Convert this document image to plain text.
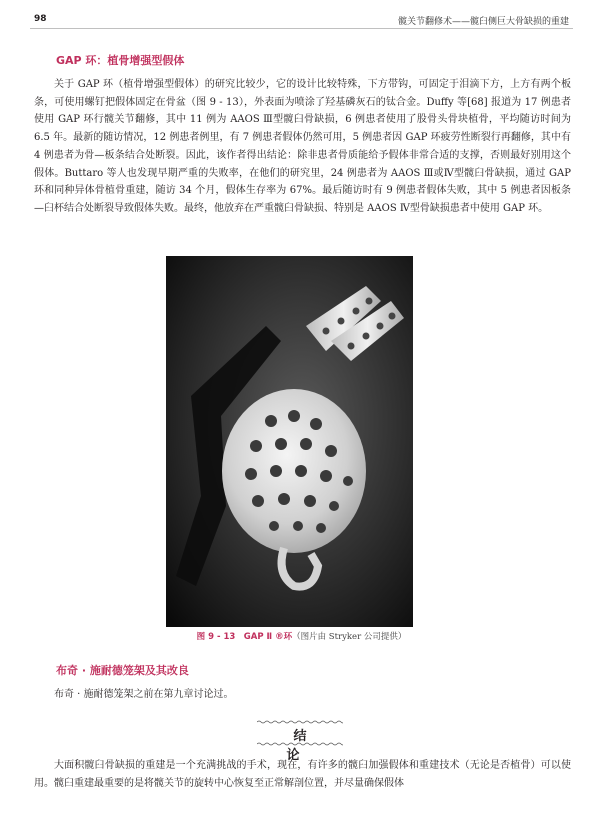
98	髋关节翻修术——髋臼侧巨大骨缺损的重建
GAP 环：植骨增强型假体

关于 GAP 环（植骨增强型假体）的研究比较少，它的设计比较特殊，下方带钩，可固定于泪滴下方，上方有两个板条，可使用螺钉把假体固定在骨盆（图 9 - 13），外表面为喷涂了羟基磷灰石的钛合金。Duffy 等[68] 报道为 17 例患者使用 GAP 环行髋关节翻修，其中 11 例为 AAOS Ⅲ型髋臼骨缺损，6 例患者使用了股骨头骨块植骨，平均随访时间为 6.5 年。最新的随访情况，12 例患者例里，有 7 例患者假体仍然可用，5 例患者因 GAP 环疲劳性断裂行再翻修，其中有 4 例患者为骨—板条结合处断裂。因此，该作者得出结论：除非患者骨质能给予假体非常合适的支撑，否则最好别用这个假体。Buttaro 等人也发现早期严重的失败率，在他们的研究里，24 例患者为 AAOS Ⅲ或Ⅳ型髋臼骨缺损，通过 GAP 环和同种异体骨植骨重建，随访 34 个月，假体生存率为 67%。最后随访时有 9 例患者假体失败，其中 5 例患者因板条—臼杯结合处断裂导致假体失败。最终，他放弃在严重髋臼骨缺损、特别是 AAOS Ⅳ型骨缺损患者中使用 GAP 环。

图 9 - 13　GAP Ⅱ ®环（图片由 Stryker 公司提供）
布奇 · 施耐德笼架及其改良

布奇 · 施耐德笼架之前在第九章讨论过。

结　论

大面积髋臼骨缺损的重建是一个充满挑战的手术，现在，有许多的髋臼加强假体和重建技术（无论是否植骨）可以使用。髋臼重建最重要的是将髋关节的旋转中心恢复至正常解剖位置，并尽量确保假体
